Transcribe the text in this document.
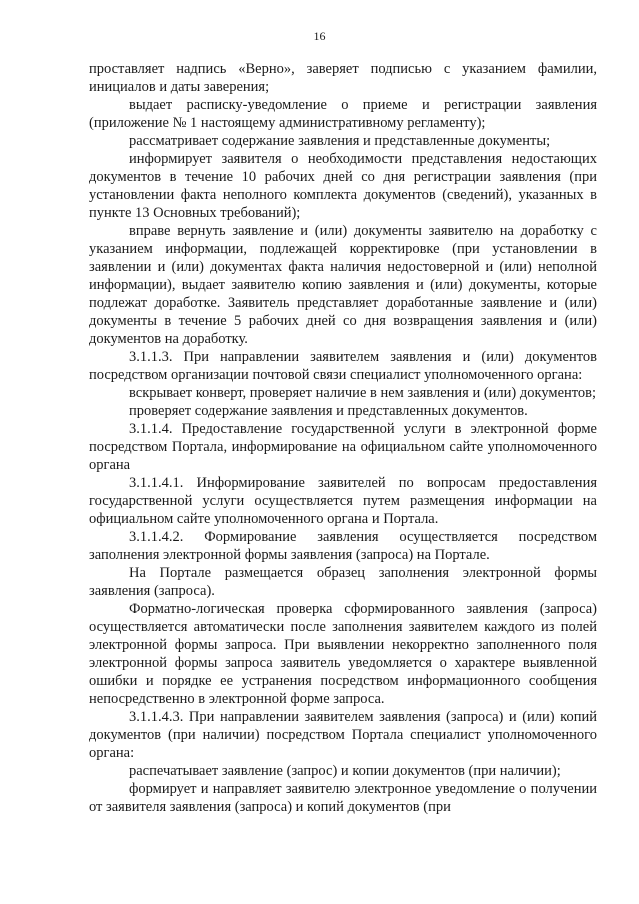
16

проставляет надпись «Верно», заверяет подписью с указанием фамилии, инициалов и даты заверения;

выдает расписку-уведомление о приеме и регистрации заявления (приложение № 1 настоящему административному регламенту);

рассматривает содержание заявления и представленные документы;

информирует заявителя о необходимости представления недостающих документов в течение 10 рабочих дней со дня регистрации заявления (при установлении факта неполного комплекта документов (сведений), указанных в пункте 13 Основных требований);

вправе вернуть заявление и (или) документы заявителю на доработку с указанием информации, подлежащей корректировке (при установлении в заявлении и (или) документах факта наличия недостоверной и (или) неполной информации), выдает заявителю копию заявления и (или) документы, которые подлежат доработке. Заявитель представляет доработанные заявление и (или) документы в течение 5 рабочих дней со дня возвращения заявления и (или) документов на доработку.

3.1.1.3. При направлении заявителем заявления и (или) документов посредством организации почтовой связи специалист уполномоченного органа:

вскрывает конверт, проверяет наличие в нем заявления и (или) документов;

проверяет содержание заявления и представленных документов.

3.1.1.4. Предоставление государственной услуги в электронной форме посредством Портала, информирование на официальном сайте уполномоченного органа

3.1.1.4.1. Информирование заявителей по вопросам предоставления государственной услуги осуществляется путем размещения информации на официальном сайте уполномоченного органа и Портала.

3.1.1.4.2. Формирование заявления осуществляется посредством заполнения электронной формы заявления (запроса) на Портале.

На Портале размещается образец заполнения электронной формы заявления (запроса).

Форматно-логическая проверка сформированного заявления (запроса) осуществляется автоматически после заполнения заявителем каждого из полей электронной формы запроса. При выявлении некорректно заполненного поля электронной формы запроса заявитель уведомляется о характере выявленной ошибки и порядке ее устранения посредством информационного сообщения непосредственно в электронной форме запроса.

3.1.1.4.3. При направлении заявителем заявления (запроса) и (или) копий документов (при наличии) посредством Портала специалист уполномоченного органа:

распечатывает заявление (запрос) и копии документов (при наличии);

формирует и направляет заявителю электронное уведомление о получении от заявителя заявления (запроса) и копий документов (при
